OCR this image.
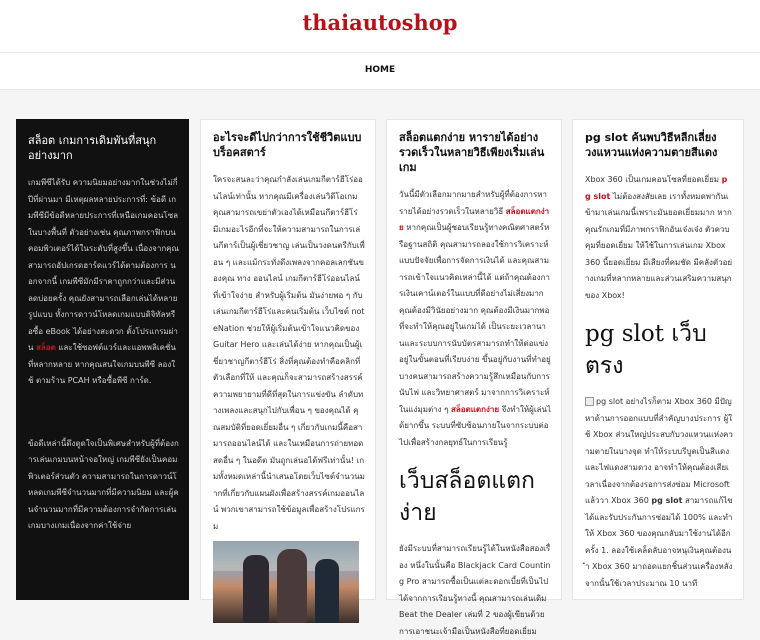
thaiautoshop
HOME
สล็อต เกมการเดิมพันที่สนุกอย่างมาก
เกมพีซีได้รับ ความนิยมอย่างมากในช่วงไม่กี่ปีที่ผ่านมา มีเหตุผลหลายประการที่: ข้อดี เกมพีซีมีข้อดีหลายประการที่เหนือเกมคอนโซลในบางพื้นที่ ตัวอย่างเช่น คุณภาพกราฟิกบนคอมพิวเตอร์ได้ในระดับที่สูงขึ้น เนื่องจากคุณสามารถอัปเกรดฮาร์ดแวร์ได้ตามต้องการ นอกจากนี้ เกมพีซีมักมีราคาถูกกว่าและมีส่วนลดบ่อยครั้ง คุณยังสามารถเลือกเล่นได้หลายรูปแบบ ทั้งการดาวน์โหลดเกมแบบดิจิทัลหรือซื้อ eBook ได้อย่างสะดวก ตั้งโปรแกรมผ่าน สล็อต และใช้ซอฟต์แวร์และแอพพลิเคชั่นที่หลากหลาย หากคุณสนใจเกมบนพีซี ลองใช้ ตามร้าน PCAH หรือซื้อพีซี การ์ด.
ข้อดีเหล่านี้ดึงดูดใจเป็นพิเศษสำหรับผู้ที่ต้องการเล่นเกมบนหน้าจอใหญ่ เกมพีซียังเป็นคอมพิวเตอร์ส่วนตัว ความสามารถในการดาวน์โหลดเกมพีซีจำนวนมากที่มีความนิยม และผู้คนจำนวนมากที่มีความต้องการจำกัดการเล่นเกมบางเกมเนื่องจากค่าใช้จ่าย
อะไรจะดีไปกว่าการใช้ชีวิตแบบบร็อคสตาร์
ใครจะสนละว่าคุณกำลังเล่นเกมกีตาร์ฮีโร่ออนไลน์เท่านั้น หากคุณมีเครื่องเล่นวิดีโอเกม คุณสามารถเขย่าตัวเองได้เหมือนกีตาร์ฮีโร่ มีเกมอะไรอีกที่จะให้ความสามารถในการเล่นกีตาร์เป็นผู้เชี่ยวชาญ เล่นเป็นวงดนตรีกับเพื่อน ๆ และแม้กระทั่งดึงเพลงจากคอลเลกชันของคุณ ทาง ออนไลน์ เกมกีตาร์ฮีโร่ออนไลน์ที่เข้าใจง่าย สำหรับผู้เริ่มต้น มันง่ายพอ ๆ กับเล่นเกมกีตาร์ฮีโร่และคนเริ่มต้น เว็บไซต์ noteNation ช่วยให้ผู้เริ่มต้นเข้าใจแนวคิดของ Guitar Hero และเล่นได้ง่าย หากคุณเป็นผู้เชี่ยวชาญกีตาร์ฮีโร่ สิ่งที่คุณต้องทำคือคลิกที่ตัวเลือกที่ให้ และคุณก็จะสามารถสร้างสรรค์ความพยายามที่ดีที่สุดในการแข่งขัน ลำดับทางเพลงและสนุกไปกับเพื่อน ๆ ของคุณได้ คุณสมบัติที่ยอดเยี่ยมอื่น ๆ เกี่ยวกับเกมนี้คือสามารถออนไลน์ได้ และในเหมือนการถ่ายทอดสดอื่น ๆ ในอดีต มันถูกเล่นอได้ฟรีเท่านั้น! เกมทั้งหมดเหล่านี้นำเสนอโดยเว็บไซต์จำนวนมากที่เกี่ยวกับแผนผังเพื่อสร้างสรรค์เกมออนไลน์ พวกเขาสามารถใช้ข้อมูลเพื่อสร้างโปรแกรม
สล็อตแตกง่าย หารายได้อย่างรวดเร็วในหลายวิธีเพียงเริ่มเล่นเกม
วันนี้มีตัวเลือกมากมายสำหรับผู้ที่ต้องการหารายได้อย่างรวดเร็วในหลายวิธี สล็อตแตกง่าย หากคุณเป็นผู้ชอบเรียนรู้ทางคณิตศาสตร์หรือฐานสถิติ คุณสามารถลองใช้การวิเคราะห์แบบปัจจัยเพื่อการจัดการเงินได้ และคุณสามารถเข้าใจแนวคิดเหล่านี้ได้ แต่ถ้าคุณต้องการเงินเคาน์เตอร์ในแบบที่ดีอย่างไม่เสี่ยงมาก คุณต้องมีวินัยอย่างมาก คุณต้องมีเงินมากพอที่จะทำให้คุณอยู่ในเกมได้ เป็นระยะเวลานานและระบบการนับบัตรสามารถทำให้ต่อแข่งอยู่ในขั้นตอนที่เรียบง่าย ขึ้นอยู่กับงานที่ทำอยู่ บางคนสามารถสร้างความรู้สึกเหมือนกับการนับไพ่ และวิทยาศาสตร์ มาจากการวิเคราะห์ในแง่มุมต่าง ๆ สล็อตแตกง่าย จึงทำให้ผู้เล่นได้ยากขึ้น ระบบที่ซับซ้อนภายในจากระบบต่อไปเพื่อสร้างกลยุทธ์ในการเรียนรู้
เว็บสล็อตแตกง่าย
ยังมีระบบที่สามารถเรียนรู้ได้ในหนังสือสองเรื่อง หนึ่งในนั้นคือ Blackjack Card Counting Pro สามารถซื้อเป็นแต่ละดอกเบี้ยที่เป็นไปได้จากการเรียนรู้ทางนี้ คุณสามารถเล่นเดิม Beat the Dealer เล่มที่ 2 ของผู้เขียนด้วย การเอาชนะเจ้ามือเป็นหนังสือที่ยอดเยี่ยม
pg slot ค้นพบวิธีหลีกเลี่ยงวงแหวนแห่งความตายสีแดง
Xbox 360 เป็นเกมคอนโซลที่ยอดเยี่ยม pg slot ไม่ต้องสงสัยเลย เราทั้งหมดพากันเข้ามาเล่นเกมนี้เพราะมันยอดเยี่ยมมาก หากคุณรักเกมที่มีภาพกราฟิกอันเจ๋งเจ๋ง ตัวควบคุมที่ยอดเยี่ยม ให้ใช้ในการเล่นเกม Xbox 360 นี้ยอดเยี่ยม มีเสียงที่คมชัด มีคลังตัวอย่างเกมที่หลากหลายและส่วนเสริมความสนุกของ Xbox!
pg slot เว็บตรง
pg slot อย่างไรก็ตาม Xbox 360 มีปัญหาด้านการออกแบบที่สำคัญบางประการ ผู้ใช้ Xbox ส่วนใหญ่ประสบกับวงแหวนแห่งความตายในบางจุด ทำให้ระบบรีบูตเป็นสีแดงและไฟแดงสามดวง อาจทำให้คุณต้องเสียเวลาเนื่องจากต้องรอการส่งซ่อม Microsoft แล้ววา Xbox 360 pg slot สามารถแก้ไขได้และรับประกันการซ่อมได้ 100% และทำให้ Xbox 360 ของคุณกลับมาใช้งานได้อีกครั้ง 1. ลองใช้เคล็ดลับอาจหนุเงินคุณต้องนำ Xbox 360 มาถอดแยกชิ้นส่วนเครื่องหลังจากนั้นใช้เวลาประมาณ 10 นาที
